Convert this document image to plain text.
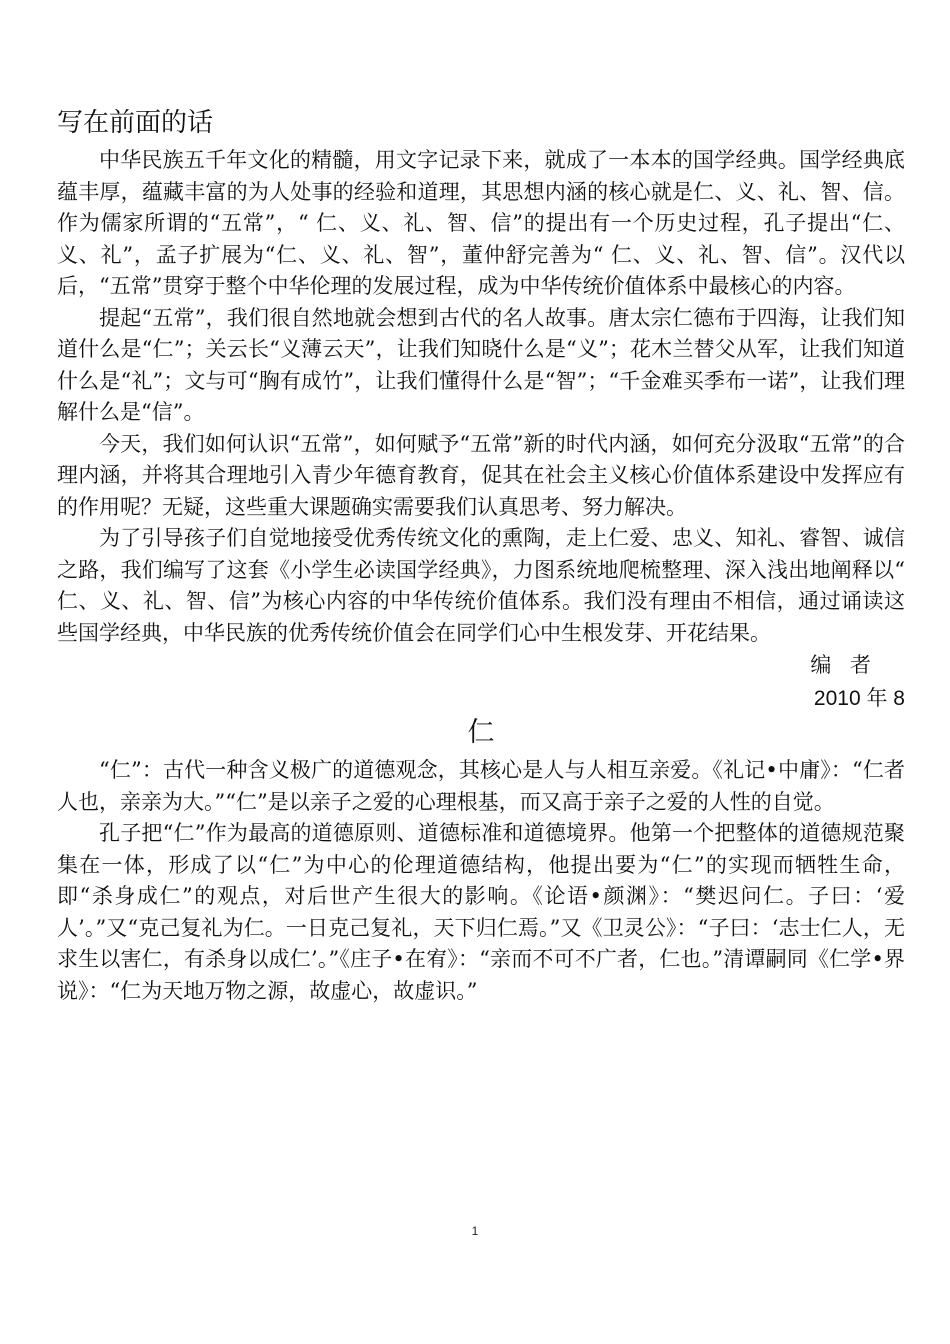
写在前面的话

中华民族五千年文化的精髓，用文字记录下来，就成了一本本的国学经典。国学经典底蕴丰厚，蕴藏丰富的为人处事的经验和道理，其思想内涵的核心就是仁、义、礼、智、信。作为儒家所谓的“五常”，“ 仁、义、礼、智、信”的提出有一个历史过程，孔子提出“仁、义、礼”，孟子扩展为“仁、义、礼、智”，董仲舒完善为“ 仁、义、礼、智、信”。汉代以后，“五常”贯穿于整个中华伦理的发展过程，成为中华传统价值体系中最核心的内容。

提起“五常”，我们很自然地就会想到古代的名人故事。唐太宗仁德布于四海，让我们知道什么是“仁”；关云长“义薄云天”，让我们知晓什么是“义”；花木兰替父从军，让我们知道什么是“礼”；文与可“胸有成竹”，让我们懂得什么是“智”；“千金难买季布一诺”，让我们理解什么是“信”。

今天，我们如何认识“五常”，如何赋予“五常”新的时代内涵，如何充分汲取“五常”的合理内涵，并将其合理地引入青少年德育教育，促其在社会主义核心价值体系建设中发挥应有的作用呢？无疑，这些重大课题确实需要我们认真思考、努力解决。

为了引导孩子们自觉地接受优秀传统文化的熏陶，走上仁爱、忠义、知礼、睿智、诚信之路，我们编写了这套《小学生必读国学经典》，力图系统地爬梳整理、深入浅出地阐释以“ 仁、义、礼、智、信”为核心内容的中华传统价值体系。我们没有理由不相信，通过诵读这些国学经典，中华民族的优秀传统价值会在同学们心中生根发芽、开花结果。

编 者

2010 年 8

仁

“仁”：古代一种含义极广的道德观念，其核心是人与人相互亲爱。《礼记•中庸》：“仁者人也，亲亲为大。”“仁”是以亲子之爱的心理根基，而又高于亲子之爱的人性的自觉。

孔子把“仁”作为最高的道德原则、道德标准和道德境界。他第一个把整体的道德规范聚集在一体，形成了以“仁”为中心的伦理道德结构，他提出要为“仁”的实现而牺牲生命，即“杀身成仁”的观点，对后世产生很大的影响。《论语•颜渊》：“樊迟问仁。子曰：‘爱人’。”又“克己复礼为仁。一日克己复礼，天下归仁焉。”又《卫灵公》：“子曰：‘志士仁人，无求生以害仁，有杀身以成仁’。”《庄子•在宥》：“亲而不可不广者，仁也。”清谭嗣同《仁学•界说》：“仁为天地万物之源，故虚心，故虚识。”

1
